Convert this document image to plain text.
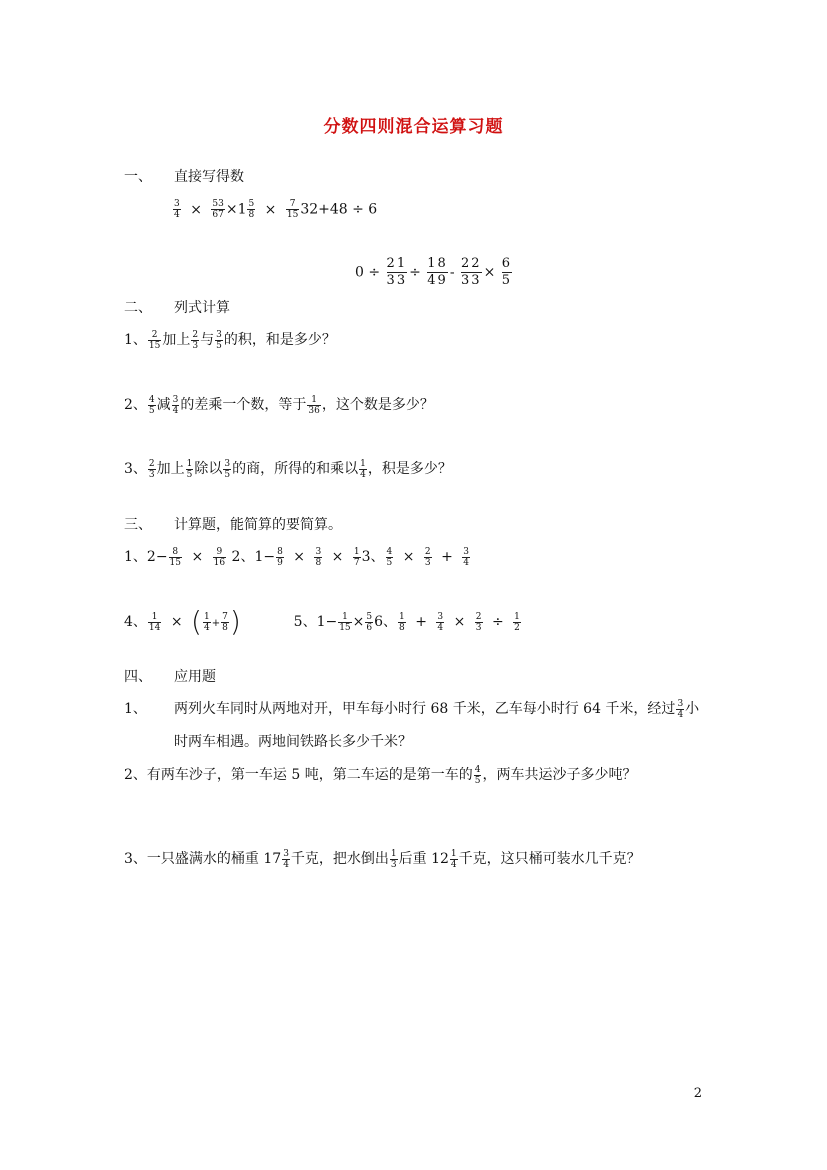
分数四则混合运算习题
一、 直接写得数
$\frac{3}{4} \times \frac{53}{67} \times 1 \frac{5}{8} \times \frac{7}{15} 32+48 \div 6$
$0 \div \frac{21}{33} \div \frac{18}{49} - \frac{22}{33} \times \frac{6}{5}$
二、 列式计算
1、 $\frac{2}{15}$ 加上 $\frac{2}{3}$ 与 $\frac{3}{5}$ 的积，和是多少？
2、 $\frac{4}{5}$ 减 $\frac{3}{4}$ 的差乘一个数，等于 $\frac{1}{36}$ ，这个数是多少？
3、 $\frac{2}{3}$ 加上 $\frac{1}{5}$ 除以 $\frac{3}{5}$ 的商，所得的和乘以 $\frac{1}{4}$ ，积是多少？
三、 计算题，能简算的要简算。
1、$2- \frac{8}{15} \times \frac{9}{16} 2$、$1- \frac{8}{9} \times \frac{3}{8} \times \frac{1}{7} 3$、 $\frac{4}{5} \times \frac{2}{3} + \frac{3}{4}$
4、 $\frac{1}{14}$ × ( $\frac{1}{4} + \frac{7}{8}$ )	5、$1- \frac{1}{15} \times \frac{5}{6} 6$、 $\frac{1}{8} + \frac{3}{4} \times \frac{2}{3} \div \frac{1}{2}$
四、 应用题
1、 两列火车同时从两地对开，甲车每小时行 68 千米，乙车每小时行 64 千米，经过 $\frac{3}{4}$ 小
时两车相遇。两地间铁路长多少千米？
2、有两车沙子，第一车运 5 吨，第二车运的是第一车的 $\frac{4}{5}$ ，两车共运沙子多少吨？
3、一只盛满水的桶重 $17 \frac{3}{4}$ 千克，把水倒出 $\frac{1}{3}$ 后重 $12 \frac{1}{4}$ 千克，这只桶可装水几千克？
2
